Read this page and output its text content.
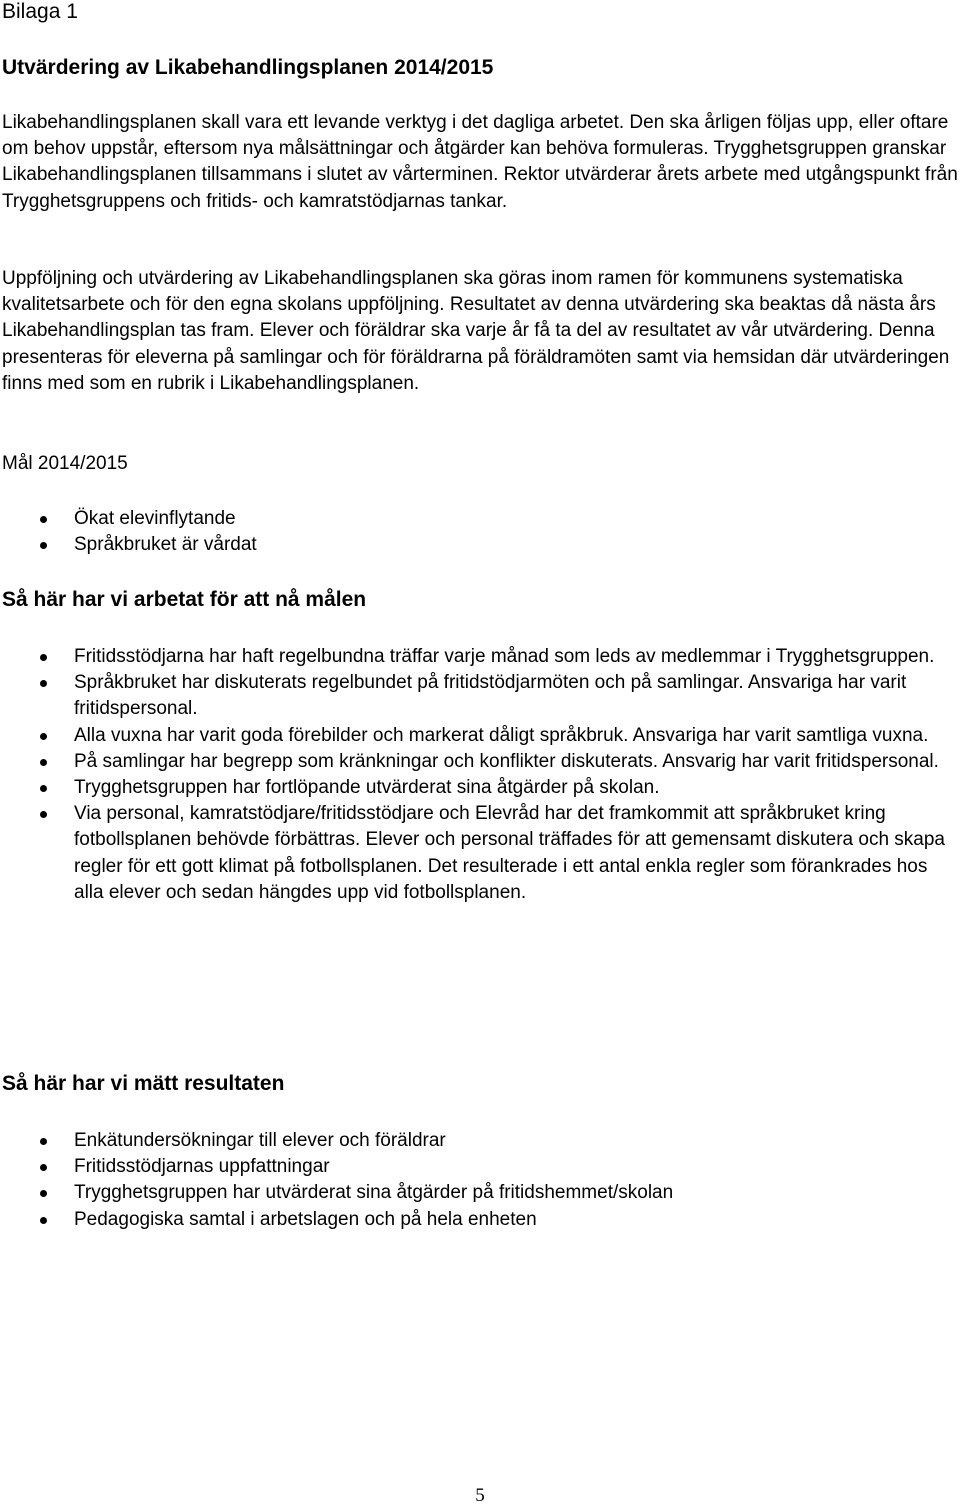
Bilaga 1

Utvärdering av Likabehandlingsplanen 2014/2015

Likabehandlingsplanen skall vara ett levande verktyg i det dagliga arbetet. Den ska årligen följas upp, eller oftare om behov uppstår, eftersom nya målsättningar och åtgärder kan behöva formuleras. Trygghetsgruppen granskar Likabehandlingsplanen tillsammans i slutet av vårterminen. Rektor utvärderar årets arbete med utgångspunkt från Trygghetsgruppens och fritids- och kamratstödjarnas tankar.

Uppföljning och utvärdering av Likabehandlingsplanen ska göras inom ramen för kommunens systematiska kvalitetsarbete och för den egna skolans uppföljning. Resultatet av denna utvärdering ska beaktas då nästa års Likabehandlingsplan tas fram. Elever och föräldrar ska varje år få ta del av resultatet av vår utvärdering. Denna presenteras för eleverna på samlingar och för föräldrarna på föräldramöten samt via hemsidan där utvärderingen finns med som en rubrik i Likabehandlingsplanen.

Mål 2014/2015

Ökat elevinflytande
Språkbruket är vårdat

Så här har vi arbetat för att nå målen

Fritidsstödjarna har haft regelbundna träffar varje månad som leds av medlemmar i Trygghetsgruppen.
Språkbruket har diskuterats regelbundet på fritidstödjarmöten och på samlingar. Ansvariga har varit fritidspersonal.
Alla vuxna har varit goda förebilder och markerat dåligt språkbruk. Ansvariga har varit samtliga vuxna.
På samlingar har begrepp som kränkningar och konflikter diskuterats. Ansvarig har varit fritidspersonal.
Trygghetsgruppen har fortlöpande utvärderat sina åtgärder på skolan.
Via personal, kamratstödjare/fritidsstödjare och Elevråd har det framkommit att språkbruket kring fotbollsplanen behövde förbättras. Elever och personal träffades för att gemensamt diskutera och skapa regler för ett gott klimat på fotbollsplanen. Det resulterade i ett antal enkla regler som förankrades hos alla elever och sedan hängdes upp vid fotbollsplanen.

Så här har vi mätt resultaten

Enkätundersökningar till elever och föräldrar
Fritidsstödjarnas uppfattningar
Trygghetsgruppen har utvärderat sina åtgärder på fritidshemmet/skolan
Pedagogiska samtal i arbetslagen och på hela enheten

5
